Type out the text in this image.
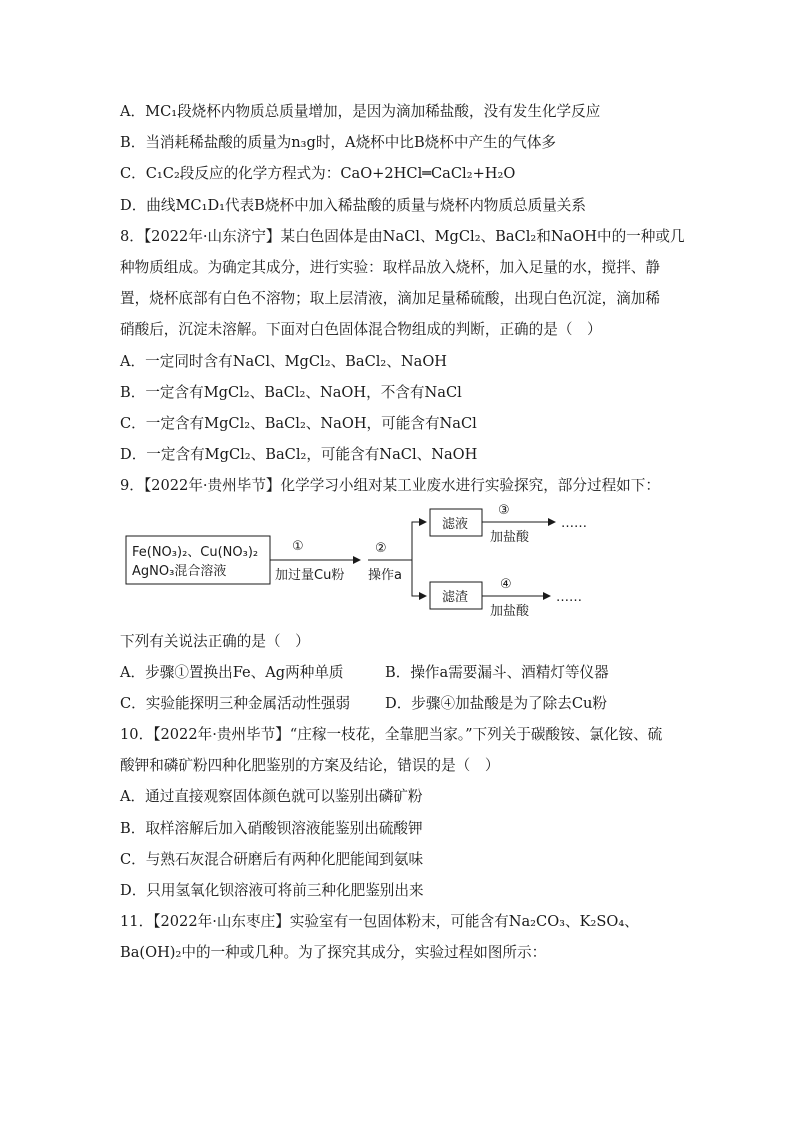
A．MC₁段烧杯内物质总质量增加，是因为滴加稀盐酸，没有发生化学反应
B．当消耗稀盐酸的质量为n₃g时，A烧杯中比B烧杯中产生的气体多
C．C₁C₂段反应的化学方程式为：CaO+2HCl═CaCl₂+H₂O
D．曲线MC₁D₁代表B烧杯中加入稀盐酸的质量与烧杯内物质总质量关系
8．【2022年·山东济宁】某白色固体是由NaCl、MgCl₂、BaCl₂和NaOH中的一种或几
种物质组成。为确定其成分，进行实验：取样品放入烧杯，加入足量的水，搅拌、静
置，烧杯底部有白色不溶物；取上层清液，滴加足量稀硫酸，出现白色沉淀，滴加稀
硝酸后，沉淀未溶解。下面对白色固体混合物组成的判断，正确的是（　）
A．一定同时含有NaCl、MgCl₂、BaCl₂、NaOH
B．一定含有MgCl₂、BaCl₂、NaOH，不含有NaCl
C．一定含有MgCl₂、BaCl₂、NaOH，可能含有NaCl
D．一定含有MgCl₂、BaCl₂，可能含有NaCl、NaOH
9．【2022年·贵州毕节】化学学习小组对某工业废水进行实验探究，部分过程如下：
Fe(NO₃)₂、Cu(NO₃)₂
AgNO₃混合溶液
①
加过量Cu粉
②
操作a
滤液
滤渣
③
加盐酸
……
④
加盐酸
……
下列有关说法正确的是（　）
A．步骤①置换出Fe、Ag两种单质	B．操作a需要漏斗、酒精灯等仪器
C．实验能探明三种金属活动性强弱 D．步骤④加盐酸是为了除去Cu粉
10．【2022年·贵州毕节】“庄稼一枝花，全靠肥当家。”下列关于碳酸铵、氯化铵、硫
酸钾和磷矿粉四种化肥鉴别的方案及结论，错误的是（　）
A．通过直接观察固体颜色就可以鉴别出磷矿粉
B．取样溶解后加入硝酸钡溶液能鉴别出硫酸钾
C．与熟石灰混合研磨后有两种化肥能闻到氨味
D．只用氢氧化钡溶液可将前三种化肥鉴别出来
11．【2022年·山东枣庄】实验室有一包固体粉末，可能含有Na₂CO₃、K₂SO₄、
Ba(OH)₂中的一种或几种。为了探究其成分，实验过程如图所示：
